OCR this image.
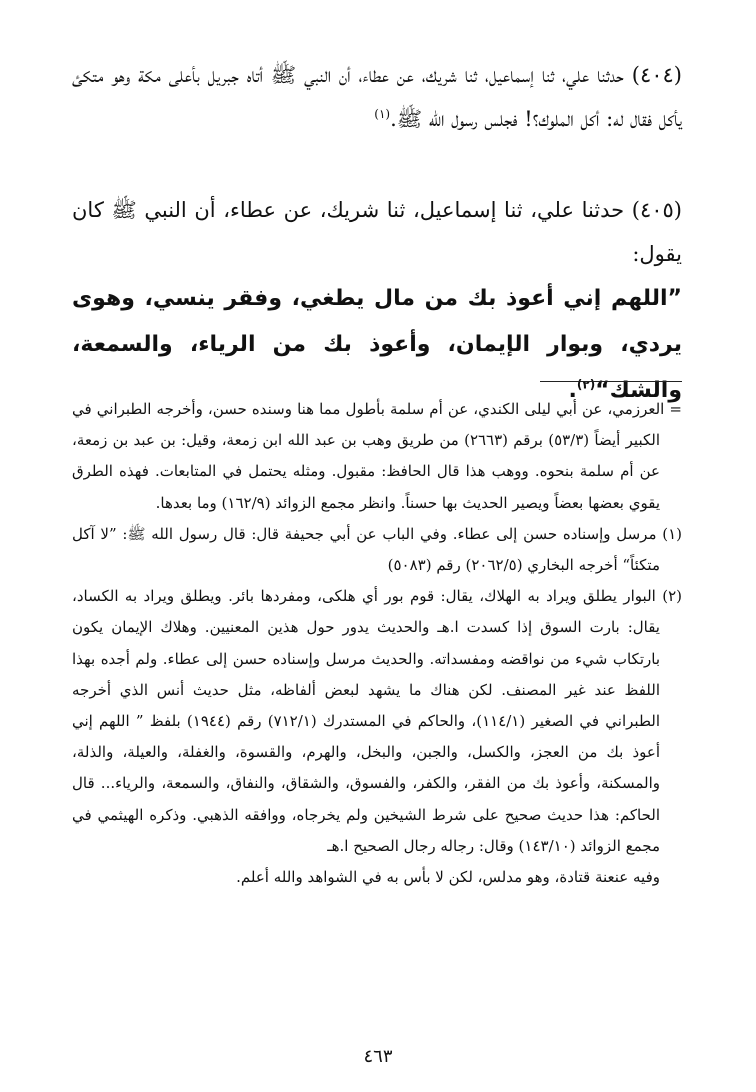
(٤٠٤) حدثنا علي، ثنا إسماعيل، ثنا شريك، عن عطاء، أن النبي ﷺ أتاه جبريل بأعلى مكة وهو متكئ يأكل فقال له: أكل الملوك؟! فجلس رسول الله ﷺ.$^{(١)}$

(٤٠٥) حدثنا علي، ثنا إسماعيل، ثنا شريك، عن عطاء، أن النبي ﷺ كان يقول:

”اللهم إني أعوذ بك من مال يطغي، وفقر ينسي، وهوى يردي، وبوار الإيمان، وأعوذ بك من الرياء، والسمعة، والشك“$^{(٢)}$.

= العرزمي، عن أبي ليلى الكندي، عن أم سلمة بأطول مما هنا وسنده حسن، وأخرجه الطبراني في الكبير أيضاً (٥٣/٣) برقم (٢٦٦٣) من طريق وهب بن عبد الله ابن زمعة، وقيل: بن عبد بن زمعة، عن أم سلمة بنحوه. ووهب هذا قال الحافظ: مقبول. ومثله يحتمل في المتابعات. فهذه الطرق يقوي بعضها بعضاً ويصير الحديث بها حسناً. وانظر مجمع الزوائد (١٦٢/٩) وما بعدها.

(١) مرسل وإسناده حسن إلى عطاء. وفي الباب عن أبي جحيفة قال: قال رسول الله ﷺ: ”لا آكل متكئاً“ أخرجه البخاري (٢٠٦٢/٥) رقم (٥٠٨٣)

(٢) البوار يطلق ويراد به الهلاك، يقال: قوم بور أي هلكى، ومفردها بائر. ويطلق ويراد به الكساد، يقال: بارت السوق إذا كسدت ا.هـ والحديث يدور حول هذين المعنيين. وهلاك الإيمان يكون بارتكاب شيء من نواقضه ومفسداته. والحديث مرسل وإسناده حسن إلى عطاء. ولم أجده بهذا اللفظ عند غير المصنف. لكن هناك ما يشهد لبعض ألفاظه، مثل حديث أنس الذي أخرجه الطبراني في الصغير (١١٤/١)، والحاكم في المستدرك (٧١٢/١) رقم (١٩٤٤) بلفظ ” اللهم إني أعوذ بك من العجز، والكسل، والجبن، والبخل، والهرم، والقسوة، والغفلة، والعيلة، والذلة، والمسكنة، وأعوذ بك من الفقر، والكفر، والفسوق، والشقاق، والنفاق، والسمعة، والرياء... قال الحاكم: هذا حديث صحيح على شرط الشيخين ولم يخرجاه، ووافقه الذهبي. وذكره الهيثمي في مجمع الزوائد (١٤٣/١٠) وقال: رجاله رجال الصحيح ا.هـ

وفيه عنعنة قتادة، وهو مدلس، لكن لا بأس به في الشواهد والله أعلم.

٤٦٣
